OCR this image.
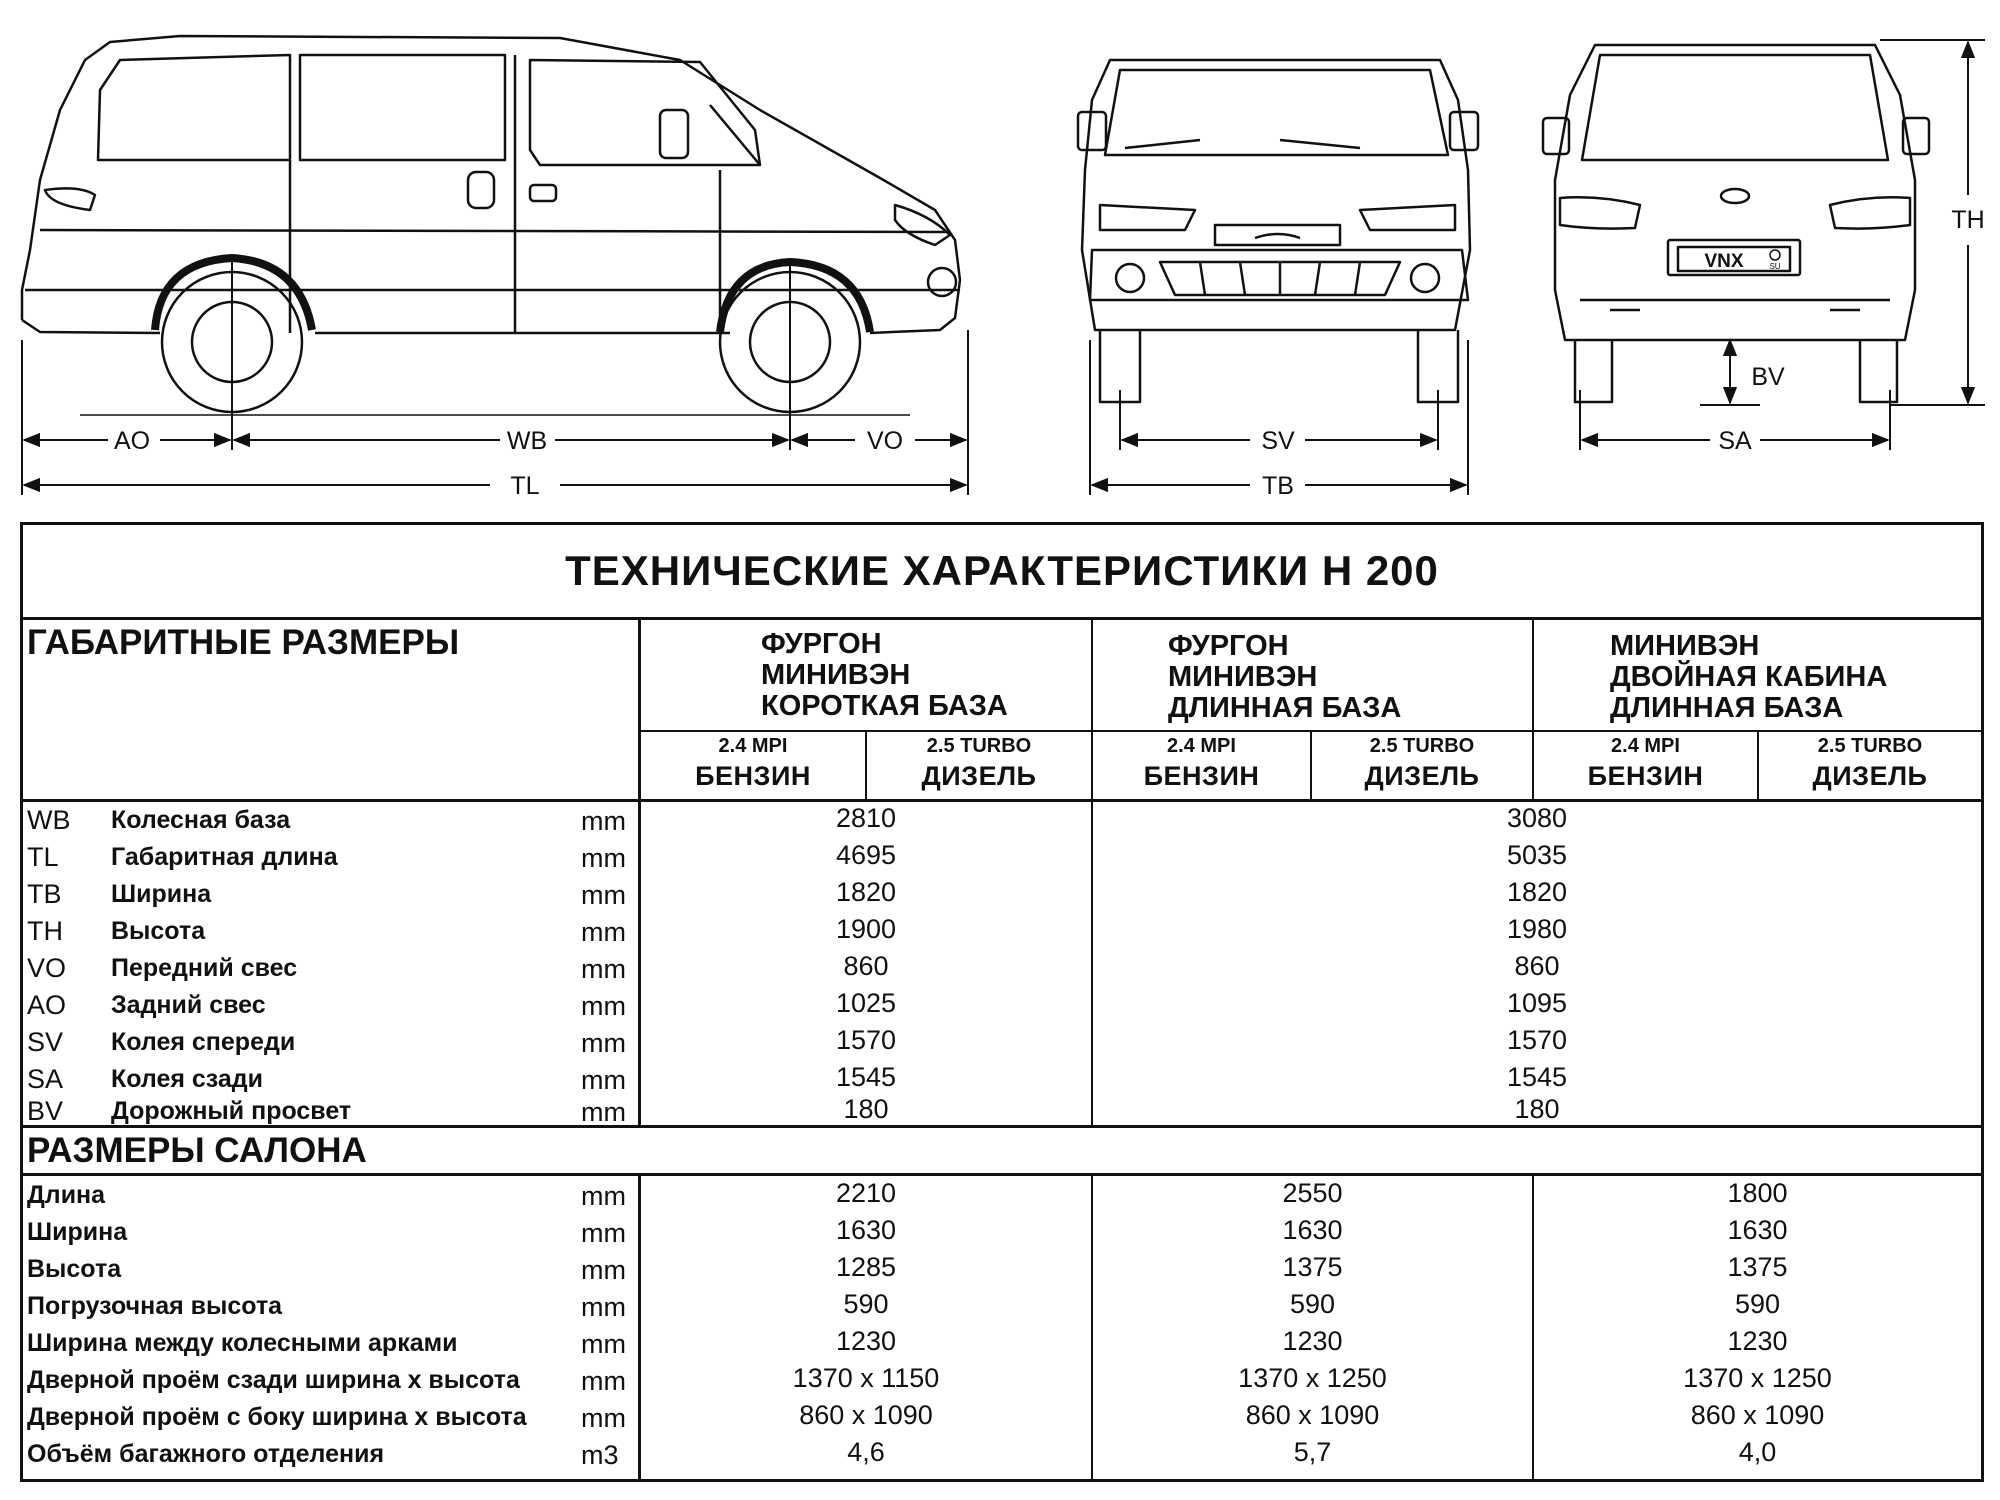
AO	WB	VO
TL
SV
TB
VNX	SU
SA
BV
TH
ТЕХНИЧЕСКИЕ ХАРАКТЕРИСТИКИ H 200
ГАБАРИТНЫЕ РАЗМЕРЫ	ФУРГОН
МИНИВЭН
КОРОТКАЯ БАЗА
ФУРГОН
МИНИВЭН
ДЛИННАЯ БАЗА
МИНИВЭН
ДВОЙНАЯ КАБИНА
ДЛИННАЯ БАЗА
2.4 MPI
БЕНЗИН
2.5 TURBO
ДИЗЕЛЬ
2.4 MPI
БЕНЗИН
2.5 TURBO
ДИЗЕЛЬ
2.4 MPI
БЕНЗИН
2.5 TURBO
ДИЗЕЛЬ
WB Колесная база	mm	2810	3080
TL Габаритная длина	mm	4695	5035
TB Ширина	mm	1820	1820
TH Высота	mm	1900	1980
VO Передний свес	mm	860	860
AO Задний свес	mm	1025	1095
SV Колея спереди	mm	1570	1570
SA Колея сзади	mm	1545	1545
BV Дорожный просвет	mm	180	180
РАЗМЕРЫ САЛОНА
Длина	mm	2210	2550	1800
Ширина	mm	1630	1630	1630
Высота	mm	1285	1375	1375
Погрузочная высота	mm	590	590	590
Ширина между колесными арками	mm	1230	1230	1230
Дверной проём сзади ширина х высота mm	1370 х 1150	1370 х 1250	1370 х 1250
Дверной проём с боку ширина х высота mm	860 х 1090	860 х 1090	860 х 1090
Объём багажного отделения	m3	4,6	5,7	4,0
